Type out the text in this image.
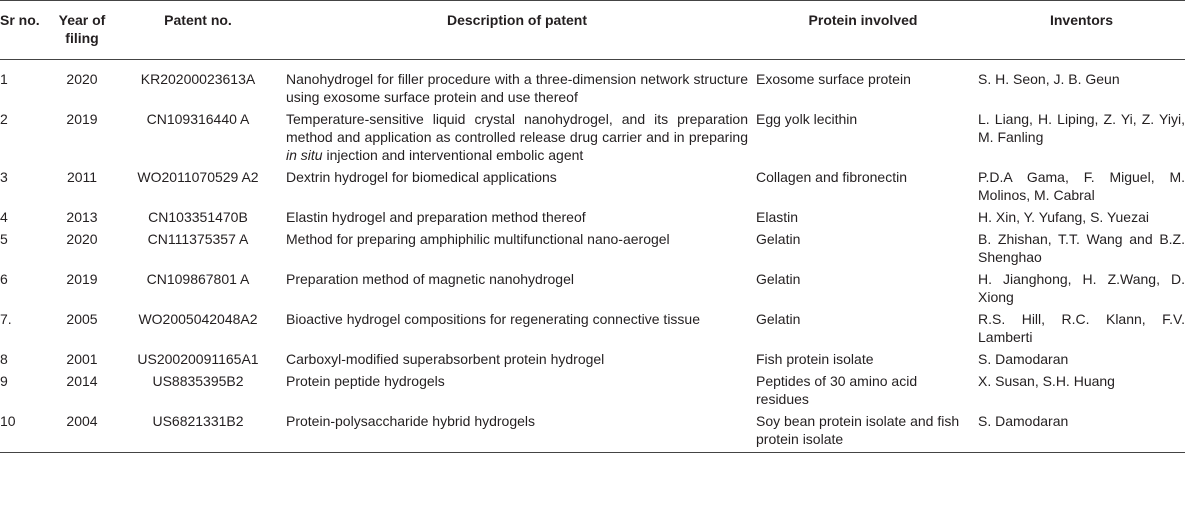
Sr no.	Year of filing	Patent no.	Description of patent	Protein involved	Inventors
1	2020	KR20200023613A	Nanohydrogel for filler procedure with a three-dimension network structure using exosome surface protein and use thereof	Exosome surface protein	S. H. Seon, J. B. Geun
2	2019	CN109316440 A	Temperature-sensitive liquid crystal nanohydrogel, and its preparation method and application as controlled release drug carrier and in preparing in situ injection and interventional embolic agent	Egg yolk lecithin	L. Liang, H. Liping, Z. Yi, Z. Yiyi, M. Fanling
3	2011	WO2011070529 A2	Dextrin hydrogel for biomedical applications	Collagen and fibronectin	P.D.A Gama, F. Miguel, M. Molinos, M. Cabral
4	2013	CN103351470B	Elastin hydrogel and preparation method thereof	Elastin	H. Xin, Y. Yufang, S. Yuezai
5	2020	CN111375357 A	Method for preparing amphiphilic multifunctional nano-aerogel	Gelatin	B. Zhishan, T.T. Wang and B.Z. Shenghao
6	2019	CN109867801 A	Preparation method of magnetic nanohydrogel	Gelatin	H. Jianghong, H. Z.Wang, D. Xiong
7.	2005	WO2005042048A2	Bioactive hydrogel compositions for regenerating connective tissue	Gelatin	R.S. Hill, R.C. Klann, F.V. Lamberti
8	2001	US20020091165A1	Carboxyl-modified superabsorbent protein hydrogel	Fish protein isolate	S. Damodaran
9	2014	US8835395B2	Protein peptide hydrogels	Peptides of 30 amino acid residues	X. Susan, S.H. Huang
10	2004	US6821331B2	Protein-polysaccharide hybrid hydrogels	Soy bean protein isolate and fish protein isolate	S. Damodaran
